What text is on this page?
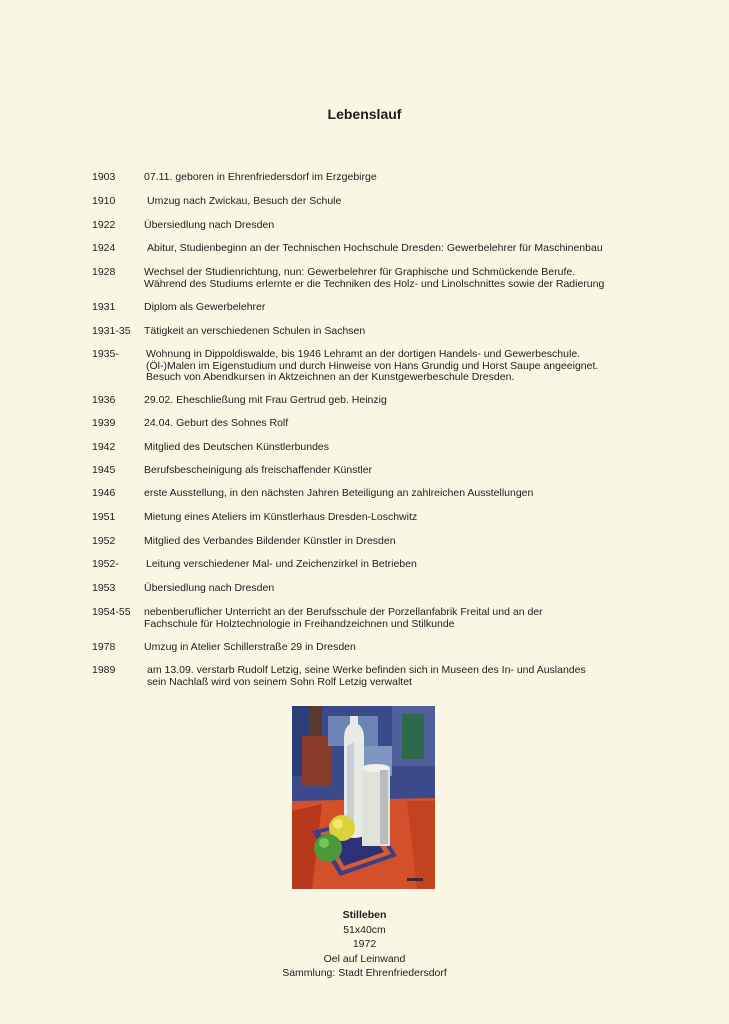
Lebenslauf
1903	07.11. geboren in Ehrenfriedersdorf im Erzgebirge
1910	Umzug nach Zwickau, Besuch der Schule
1922	Übersiedlung nach Dresden
1924	Abitur, Studienbeginn an der Technischen Hochschule Dresden: Gewerbelehrer für Maschinenbau
1928	Wechsel der Studienrichtung, nun: Gewerbelehrer für Graphische und Schmückende Berufe.
Während des Studiums erlernte er die Techniken des Holz- und Linolschnittes sowie der Radierung
1931	Diplom als Gewerbelehrer
1931-35 Tätigkeit an verschiedenen Schulen in Sachsen
1935-	Wohnung in Dippoldiswalde, bis 1946 Lehramt an der dortigen Handels- und Gewerbeschule.
(Öl-)Malen im Eigenstudium und durch Hinweise von Hans Grundig und Horst Saupe angeeignet.
Besuch von Abendkursen in Aktzeichnen an der Kunstgewerbeschule Dresden.
1936	29.02. Eheschließung mit Frau Gertrud geb. Heinzig
1939	24.04. Geburt des Sohnes Rolf
1942	Mitglied des Deutschen Künstlerbundes
1945	Berufsbescheinigung als freischaffender Künstler
1946	erste Ausstellung, in den nächsten Jahren Beteiligung an zahlreichen Ausstellungen
1951	Mietung eines Ateliers im Künstlerhaus Dresden-Loschwitz
1952	Mitglied des Verbandes Bildender Künstler in Dresden
1952-	Leitung verschiedener Mal- und Zeichenzirkel in Betrieben
1953	Übersiedlung nach Dresden
1954-55 nebenberuflicher Unterricht an der Berufsschule der Porzellanfabrik Freital und an der
Fachschule für Holztechnologie in Freihandzeichnen und Stilkunde
1978	Umzug in Atelier Schillerstraße 29 in Dresden
1989	am 13.09. verstarb Rudolf Letzig, seine Werke befinden sich in Museen des In- und Auslandes
sein Nachlaß wird von seinem Sohn Rolf Letzig verwaltet
Stilleben
51x40cm
1972
Oel auf Leinwand
Sammlung: Stadt Ehrenfriedersdorf
